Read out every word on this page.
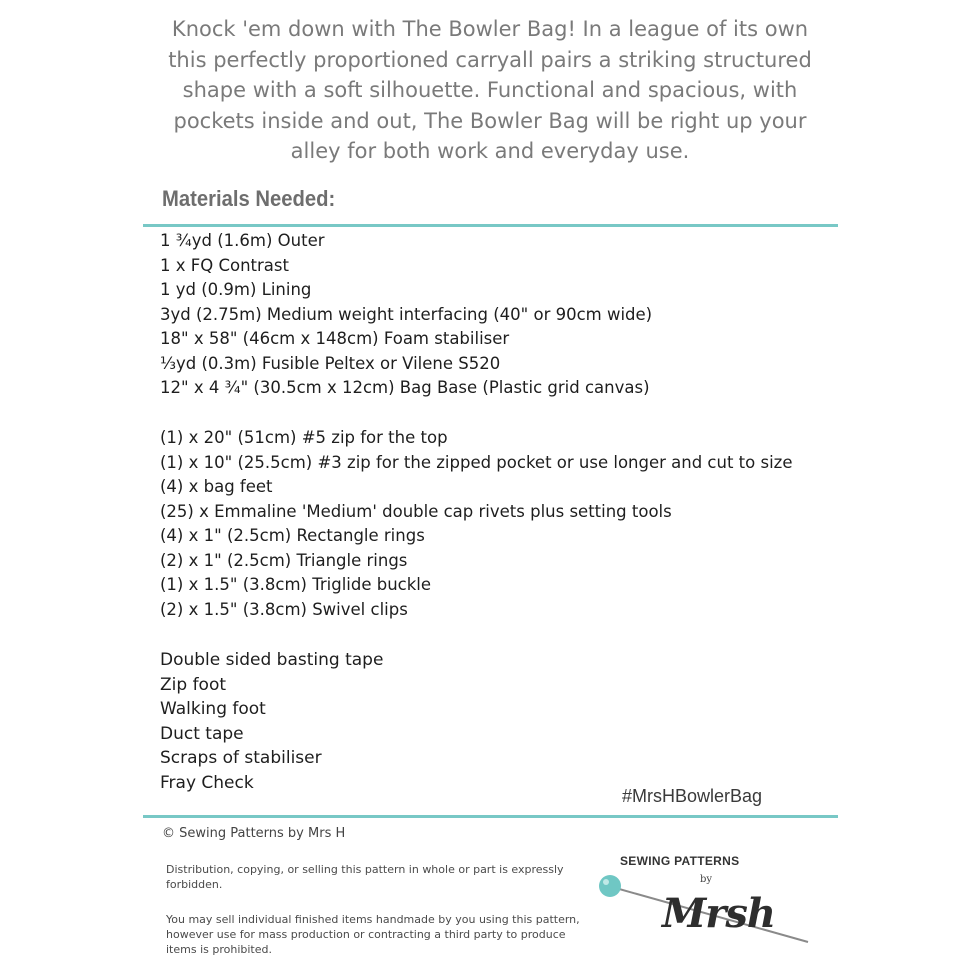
Knock 'em down with The Bowler Bag! In a league of its own
this perfectly proportioned carryall pairs a striking structured
shape with a soft silhouette. Functional and spacious, with
pockets inside and out, The Bowler Bag will be right up your
alley for both work and everyday use.
Materials Needed:
1 ¾yd (1.6m) Outer
1 x FQ Contrast
1 yd (0.9m) Lining
3yd (2.75m) Medium weight interfacing (40" or 90cm wide)
18" x 58" (46cm x 148cm) Foam stabiliser
⅓yd (0.3m) Fusible Peltex or Vilene S520
12" x 4 ¾" (30.5cm x 12cm) Bag Base (Plastic grid canvas)
(1) x 20" (51cm) #5 zip for the top
(1) x 10" (25.5cm) #3 zip for the zipped pocket or use longer and cut to size
(4) x bag feet
(25) x Emmaline 'Medium' double cap rivets plus setting tools
(4) x 1" (2.5cm) Rectangle rings
(2) x 1" (2.5cm) Triangle rings
(1) x 1.5" (3.8cm) Triglide buckle
(2) x 1.5" (3.8cm) Swivel clips
Double sided basting tape
Zip foot
Walking foot
Duct tape
Scraps of stabiliser
Fray Check
#MrsHBowlerBag
© Sewing Patterns by Mrs H

Distribution, copying, or selling this pattern in whole or part is expressly forbidden.

You may sell individual finished items handmade by you using this pattern, however use for mass production or contracting a third party to produce items is prohibited.

SEWING PATTERNS
by
Mrsh
